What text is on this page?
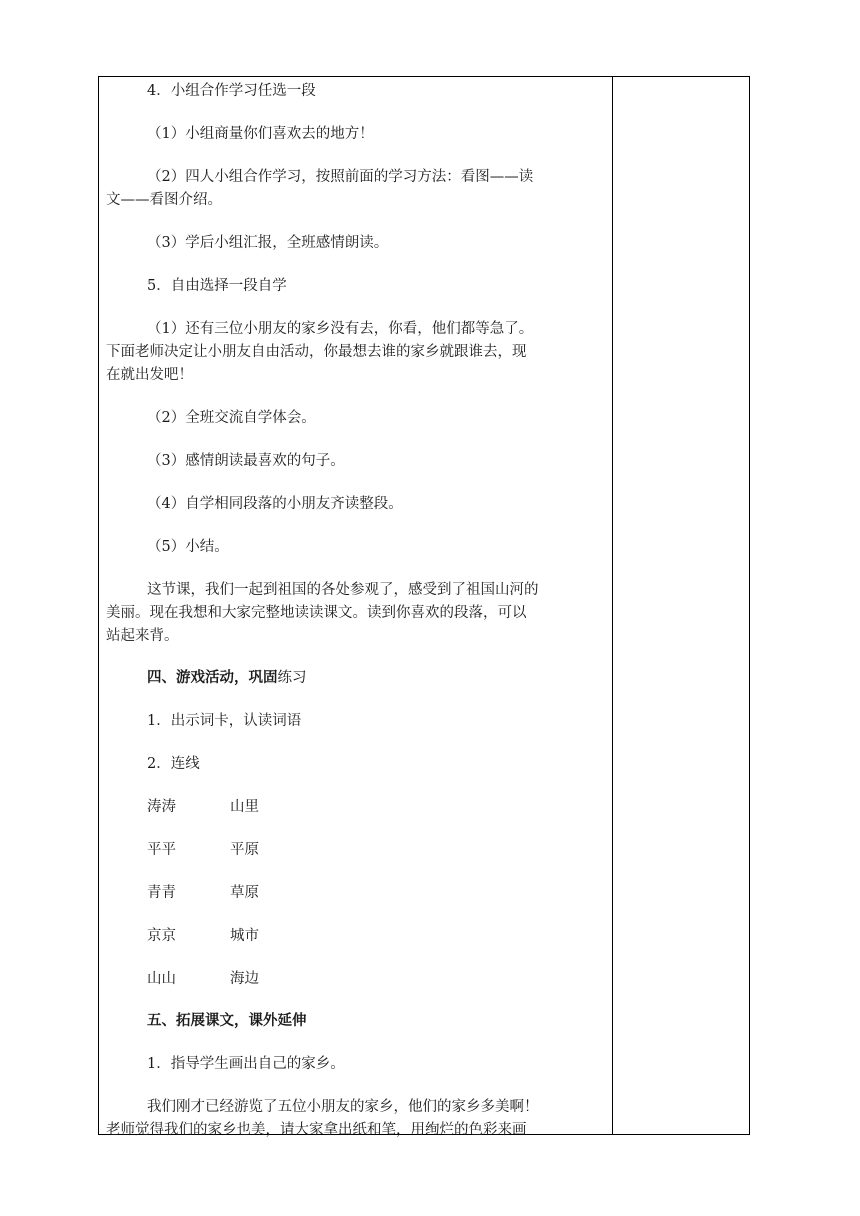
4．小组合作学习任选一段

（1）小组商量你们喜欢去的地方！

（2）四人小组合作学习，按照前面的学习方法：看图——读

文——看图介绍。

（3）学后小组汇报，全班感情朗读。

5．自由选择一段自学

（1）还有三位小朋友的家乡没有去，你看，他们都等急了。

下面老师决定让小朋友自由活动，你最想去谁的家乡就跟谁去，现

在就出发吧！

（2）全班交流自学体会。

（3）感情朗读最喜欢的句子。

（4）自学相同段落的小朋友齐读整段。

（5）小结。

这节课，我们一起到祖国的各处参观了，感受到了祖国山河的

美丽。现在我想和大家完整地读读课文。读到你喜欢的段落，可以

站起来背。

四、游戏活动，巩固练习

1．出示词卡，认读词语

2．连线

涛涛	山里
平平	平原
青青	草原
京京	城市
山山	海边

五、拓展课文，课外延伸

1．指导学生画出自己的家乡。

我们刚才已经游览了五位小朋友的家乡，他们的家乡多美啊！

老师觉得我们的家乡也美，请大家拿出纸和笔，用绚烂的色彩来画
